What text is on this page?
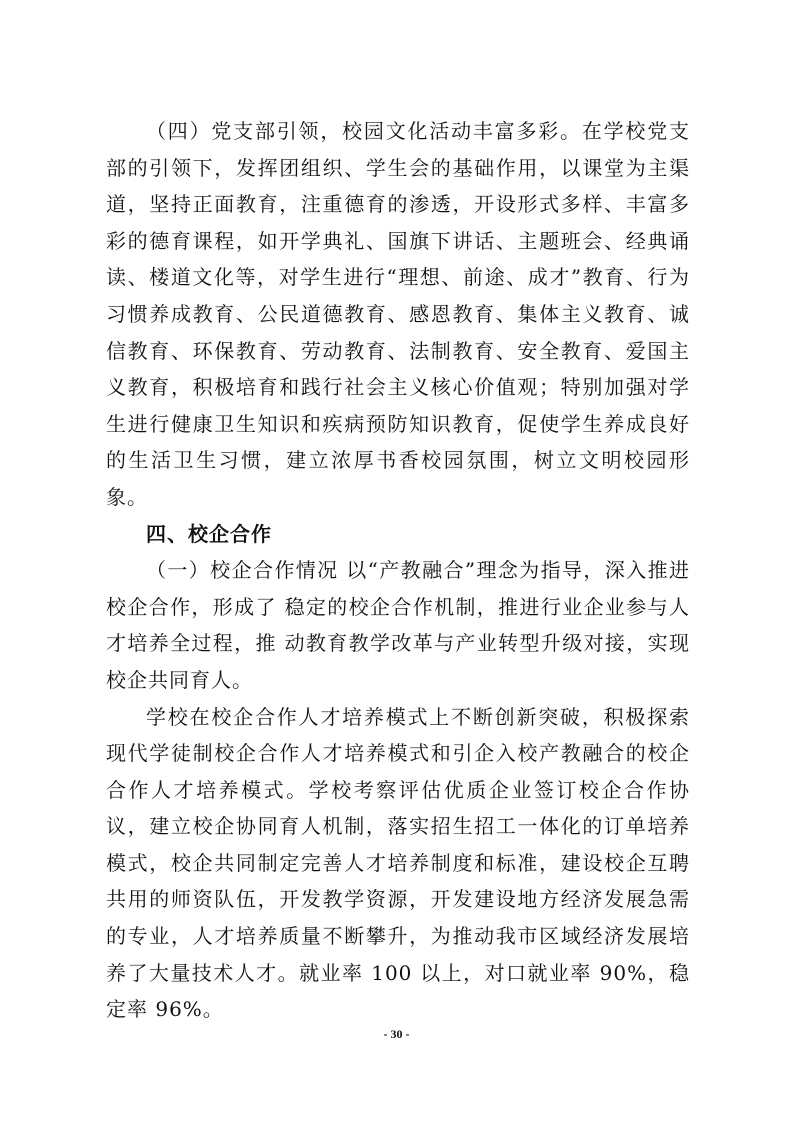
（四）党支部引领，校园文化活动丰富多彩。在学校党支部的引领下，发挥团组织、学生会的基础作用，以课堂为主渠道，坚持正面教育，注重德育的渗透，开设形式多样、丰富多彩的德育课程，如开学典礼、国旗下讲话、主题班会、经典诵读、楼道文化等，对学生进行“理想、前途、成才”教育、行为习惯养成教育、公民道德教育、感恩教育、集体主义教育、诚信教育、环保教育、劳动教育、法制教育、安全教育、爱国主义教育，积极培育和践行社会主义核心价值观；特别加强对学生进行健康卫生知识和疾病预防知识教育，促使学生养成良好的生活卫生习惯，建立浓厚书香校园氛围，树立文明校园形象。

四、校企合作

（一）校企合作情况 以“产教融合”理念为指导，深入推进校企合作，形成了 稳定的校企合作机制，推进行业企业参与人才培养全过程，推 动教育教学改革与产业转型升级对接，实现校企共同育人。

学校在校企合作人才培养模式上不断创新突破，积极探索现代学徒制校企合作人才培养模式和引企入校产教融合的校企合作人才培养模式。学校考察评估优质企业签订校企合作协议，建立校企协同育人机制，落实招生招工一体化的订单培养模式，校企共同制定完善人才培养制度和标准，建设校企互聘共用的师资队伍，开发教学资源，开发建设地方经济发展急需的专业，人才培养质量不断攀升，为推动我市区域经济发展培养了大量技术人才。就业率 100 以上，对口就业率 90%，稳定率 96%。

- 30 -
